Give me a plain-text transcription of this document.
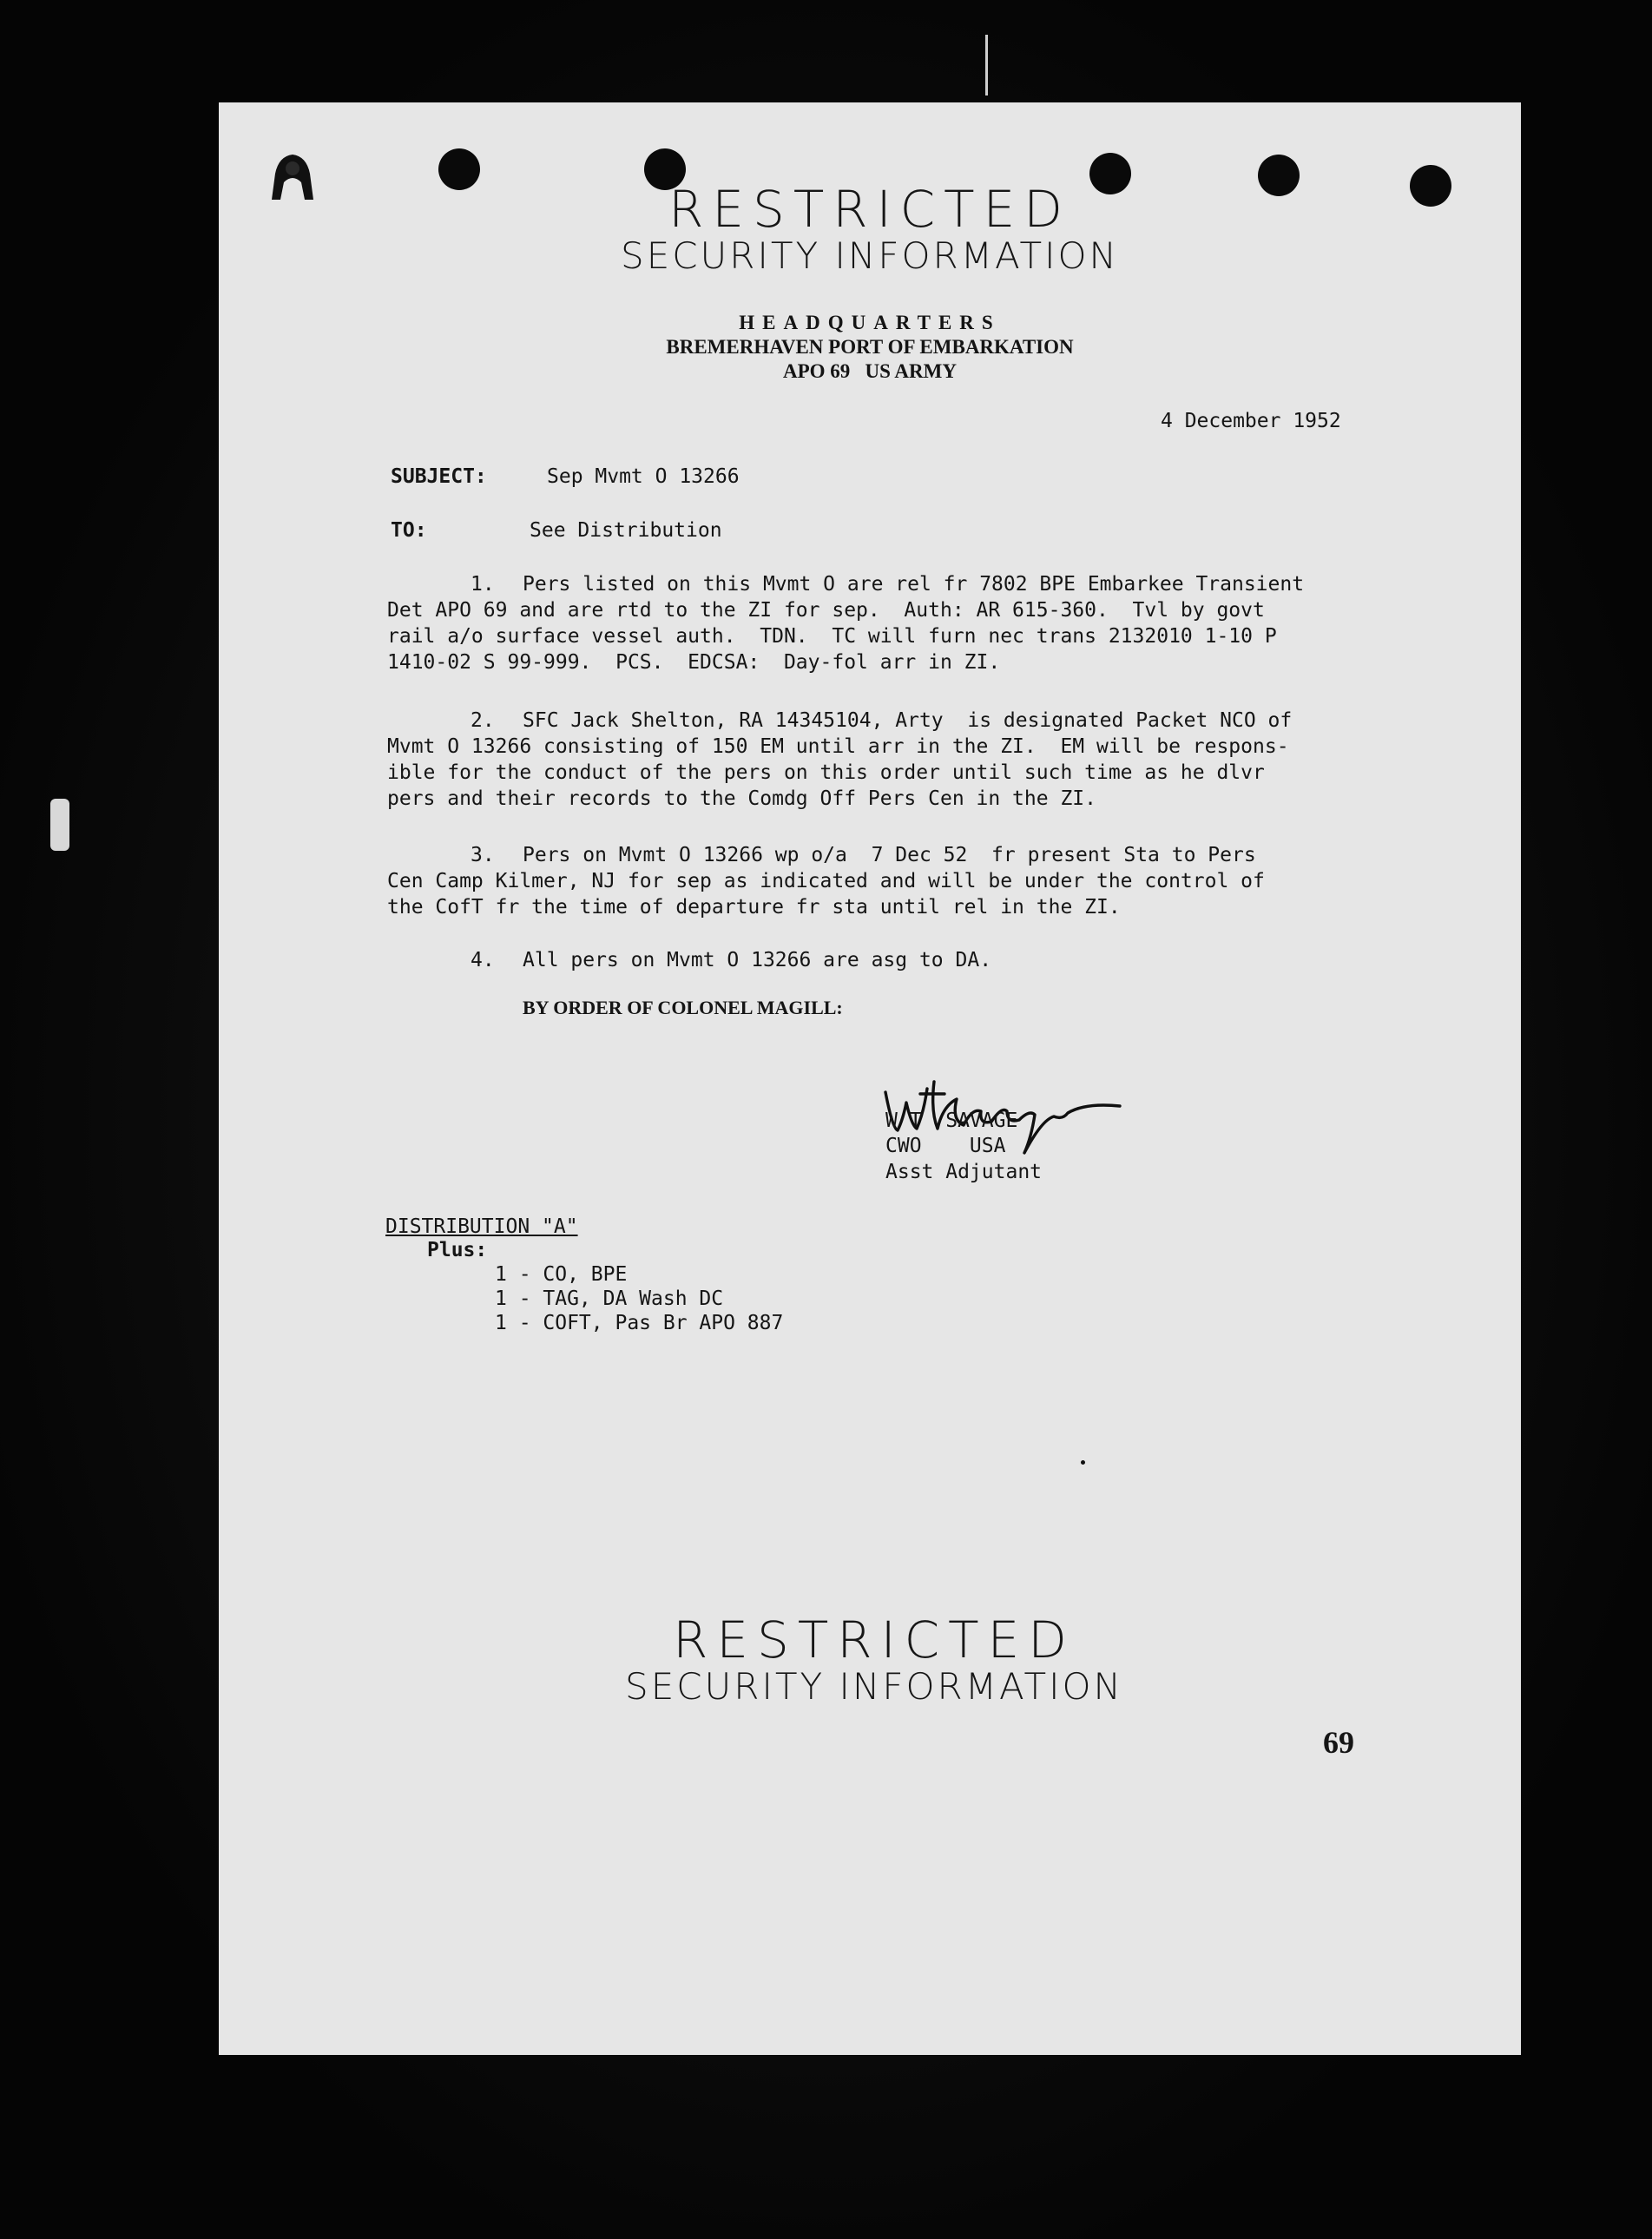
RESTRICTED
SECURITY INFORMATION
HEADQUARTERS
BREMERHAVEN PORT OF EMBARKATION
APO 69   US ARMY
4 December 1952
SUBJECT:	Sep Mvmt O 13266
TO:	See Distribution
1. Pers listed on this Mvmt O are rel fr 7802 BPE Embarkee Transient
Det APO 69 and are rtd to the ZI for sep.  Auth: AR 615-360.  Tvl by govt
rail a/o surface vessel auth.  TDN.  TC will furn nec trans 2132010 1-10 P
1410-02 S 99-999.  PCS.  EDCSA:  Day-fol arr in ZI.
2. SFC Jack Shelton, RA 14345104, Arty  is designated Packet NCO of
Mvmt O 13266 consisting of 150 EM until arr in the ZI.  EM will be respons-
ible for the conduct of the pers on this order until such time as he dlvr
pers and their records to the Comdg Off Pers Cen in the ZI.
3. Pers on Mvmt O 13266 wp o/a  7 Dec 52  fr present Sta to Pers
Cen Camp Kilmer, NJ for sep as indicated and will be under the control of
the CofT fr the time of departure fr sta until rel in the ZI.
4. All pers on Mvmt O 13266 are asg to DA.
BY ORDER OF COLONEL MAGILL:
W T  SAVAGE
CWO    USA
Asst Adjutant
DISTRIBUTION "A"
Plus:
1 - CO, BPE
1 - TAG, DA Wash DC
1 - COFT, Pas Br APO 887
RESTRICTED
SECURITY INFORMATION
69
